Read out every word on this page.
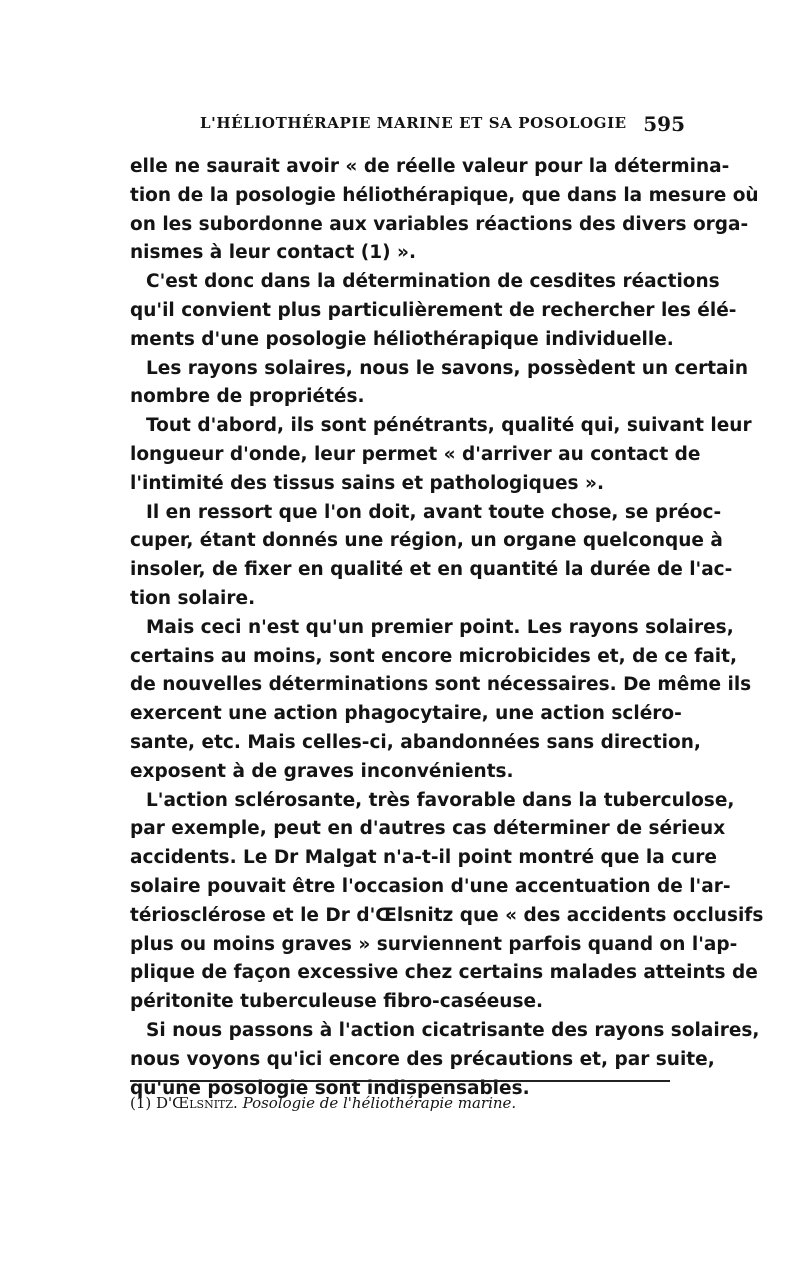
L'HÉLIOTHÉRAPIE MARINE ET SA POSOLOGIE 595
elle ne saurait avoir « de réelle valeur pour la détermina-
tion de la posologie héliothérapique, que dans la mesure où
on les subordonne aux variables réactions des divers orga-
nismes à leur contact (1) ».
C'est donc dans la détermination de cesdites réactions
qu'il convient plus particulièrement de rechercher les élé-
ments d'une posologie héliothérapique individuelle.
Les rayons solaires, nous le savons, possèdent un certain
nombre de propriétés.
Tout d'abord, ils sont pénétrants, qualité qui, suivant leur
longueur d'onde, leur permet « d'arriver au contact de
l'intimité des tissus sains et pathologiques ».
Il en ressort que l'on doit, avant toute chose, se préoc-
cuper, étant donnés une région, un organe quelconque à
insoler, de fixer en qualité et en quantité la durée de l'ac-
tion solaire.
Mais ceci n'est qu'un premier point. Les rayons solaires,
certains au moins, sont encore microbicides et, de ce fait,
de nouvelles déterminations sont nécessaires. De même ils
exercent une action phagocytaire, une action scléro-
sante, etc. Mais celles-ci, abandonnées sans direction,
exposent à de graves inconvénients.
L'action sclérosante, très favorable dans la tuberculose,
par exemple, peut en d'autres cas déterminer de sérieux
accidents. Le Dr Malgat n'a-t-il point montré que la cure
solaire pouvait être l'occasion d'une accentuation de l'ar-
tériosclérose et le Dr d'Œlsnitz que « des accidents occlusifs
plus ou moins graves » surviennent parfois quand on l'ap-
plique de façon excessive chez certains malades atteints de
péritonite tuberculeuse fibro-caséeuse.
Si nous passons à l'action cicatrisante des rayons solaires,
nous voyons qu'ici encore des précautions et, par suite,
qu'une posologie sont indispensables.
(1) D'Œlsnitz. Posologie de l'héliothérapie marine.
